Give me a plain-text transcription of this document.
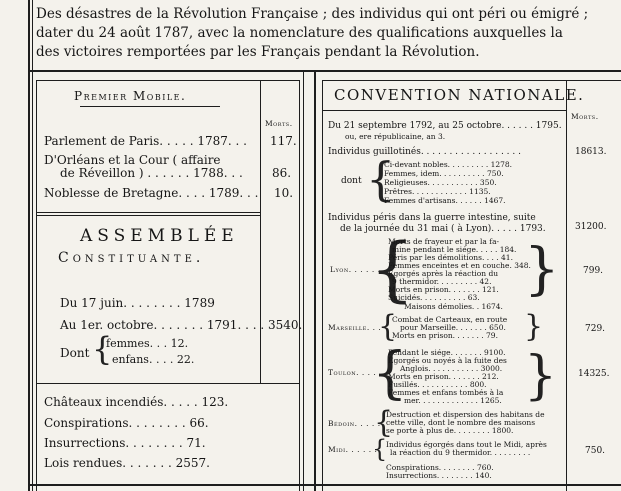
Des désastres de la Révolution Française ; des individus qui ont péri ou émigré ;
dater du 24 août 1787, avec la nomenclature des qualifications auxquelles la
des victoires remportées par les Français pendant la Révolution.
Premier Mobile.
Morts.
Parlement de Paris. . . . . 1787. . . 117.
D'Orléans et la Cour ( affaire
de Réveillon ) . . . . . . 1788. . . 86.
Noblesse de Bretagne. . . . 1789. . . 10.
ASSEMBLÉE
Constituante.
Du 17 juin. . . . . . . . 1789
Au 1er. octobre. . . . . . . 1791. . . . 3540.
Dont {
femmes. . . 12.
enfans. . . . 22.
Châteaux incendiés. . . . . 123.
Conspirations. . . . . . . . 66.
Insurrections. . . . . . . . 71.
Lois rendues. . . . . . . 2557.
CONVENTION NATIONALE.
Morts.
Du 21 septembre 1792, au 25 octobre. . . . . . 1795.
ou, ere républicaine, an 3.
Individus guillotinés. . . . . . . . . . . . . . . . . .	18613.
dont {
Ci-devant nobles. . . . . . . . . 1278.
Femmes, idem. . . . . . . . . . 750.
Religieuses. . . . . . . . . . . 350.
Prêtres. . . . . . . . . . . . 1135.
Femmes d'artisans. . . . . . 1467.
Individus péris dans la guerre intestine, suite
de la journée du 31 mai ( à Lyon). . . . . 1793.	31200.
Lyon. . . . . .
{
Morts de frayeur et par la fa-
mine pendant le siége. . . . . 184.
Péris par les démolitions. . . . 41.
Femmes enceintes et en couche. 348.
Égorgés après la réaction du
9 thermidor. . . . . . . . . 42.
Morts en prison. . . . . . . 121.
Suicidés. . . . . . . . . . 63.
Maisons démolies. . 1674.
}	799.
Marseille. . .
{
Combat de Carteaux, en route
pour Marseille. . . . . . . 650.
Morts en prison. . . . . . . 79. }	729.
Toulon. . . . .
{
Pendant le siége. . . . . . . 9100.
Égorgés ou noyés à la fuite des
Anglois. . . . . . . . . . . 3000.
Morts en prison. . . . . . . 212.
Fusillés. . . . . . . . . . . 800.
Femmes et enfans tombés à la
mer. . . . . . . . . . . . . 1265. } 14325.
Bédoin. . . . .
{
Destruction et dispersion des habitans de
cette ville, dont le nombre des maisons
se porte à plus de. . . . . . . . 1800.
Midi. . . . . .
{
Individus égorgés dans tout le Midi, après
la réaction du 9 thermidor. . . . . . . . .	750.
Conspirations. . . . . . . . 760.
Insurrections. . . . . . . . 140.
